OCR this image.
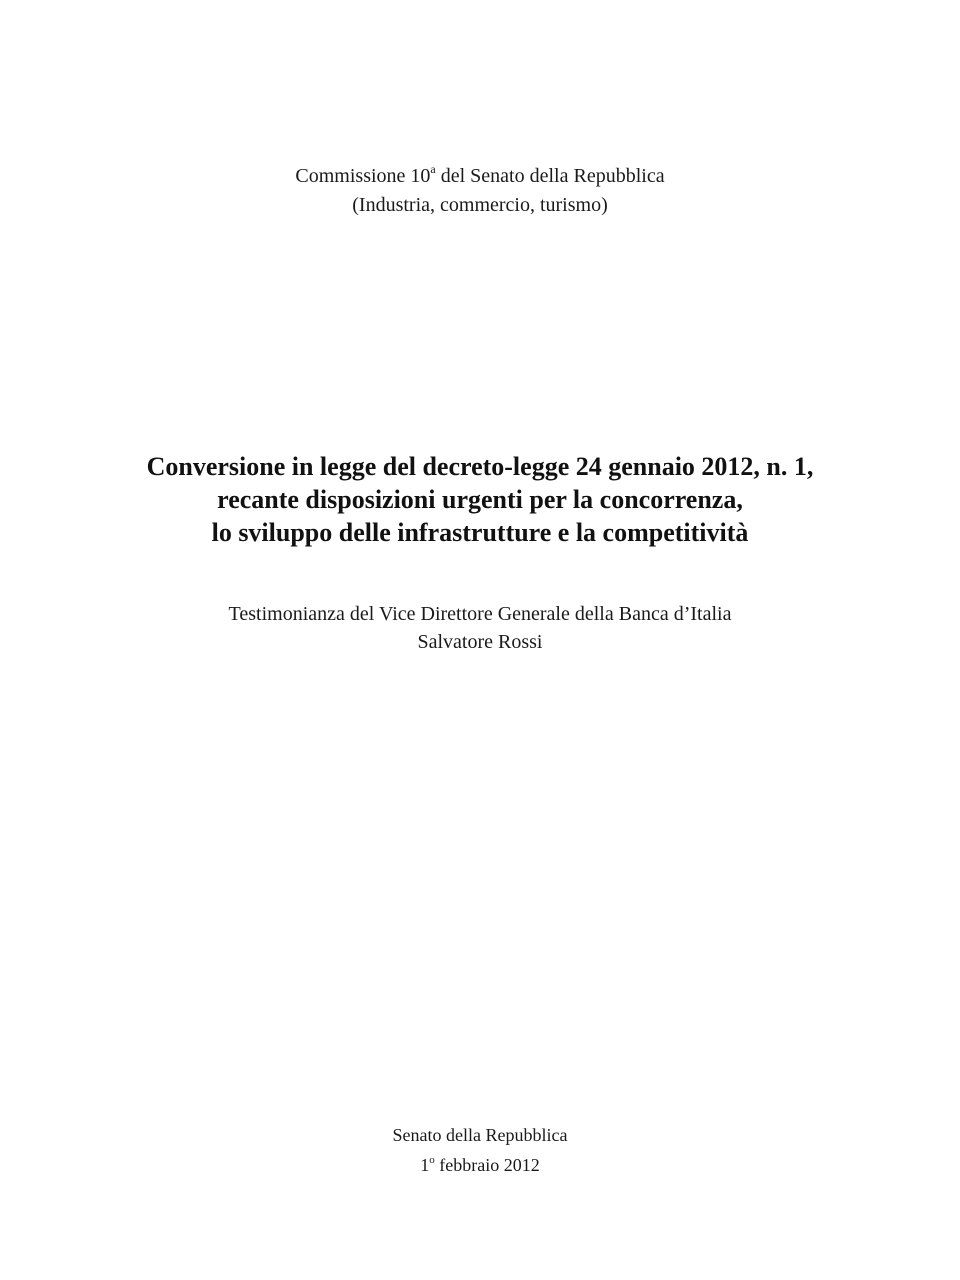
Commissione 10$^a$ del Senato della Repubblica
(Industria, commercio, turismo)
Conversione in legge del decreto-legge 24 gennaio 2012, n. 1,
recante disposizioni urgenti per la concorrenza,
lo sviluppo delle infrastrutture e la competitività
Testimonianza del Vice Direttore Generale della Banca d’Italia
Salvatore Rossi
Senato della Repubblica
1$^o$ febbraio 2012
